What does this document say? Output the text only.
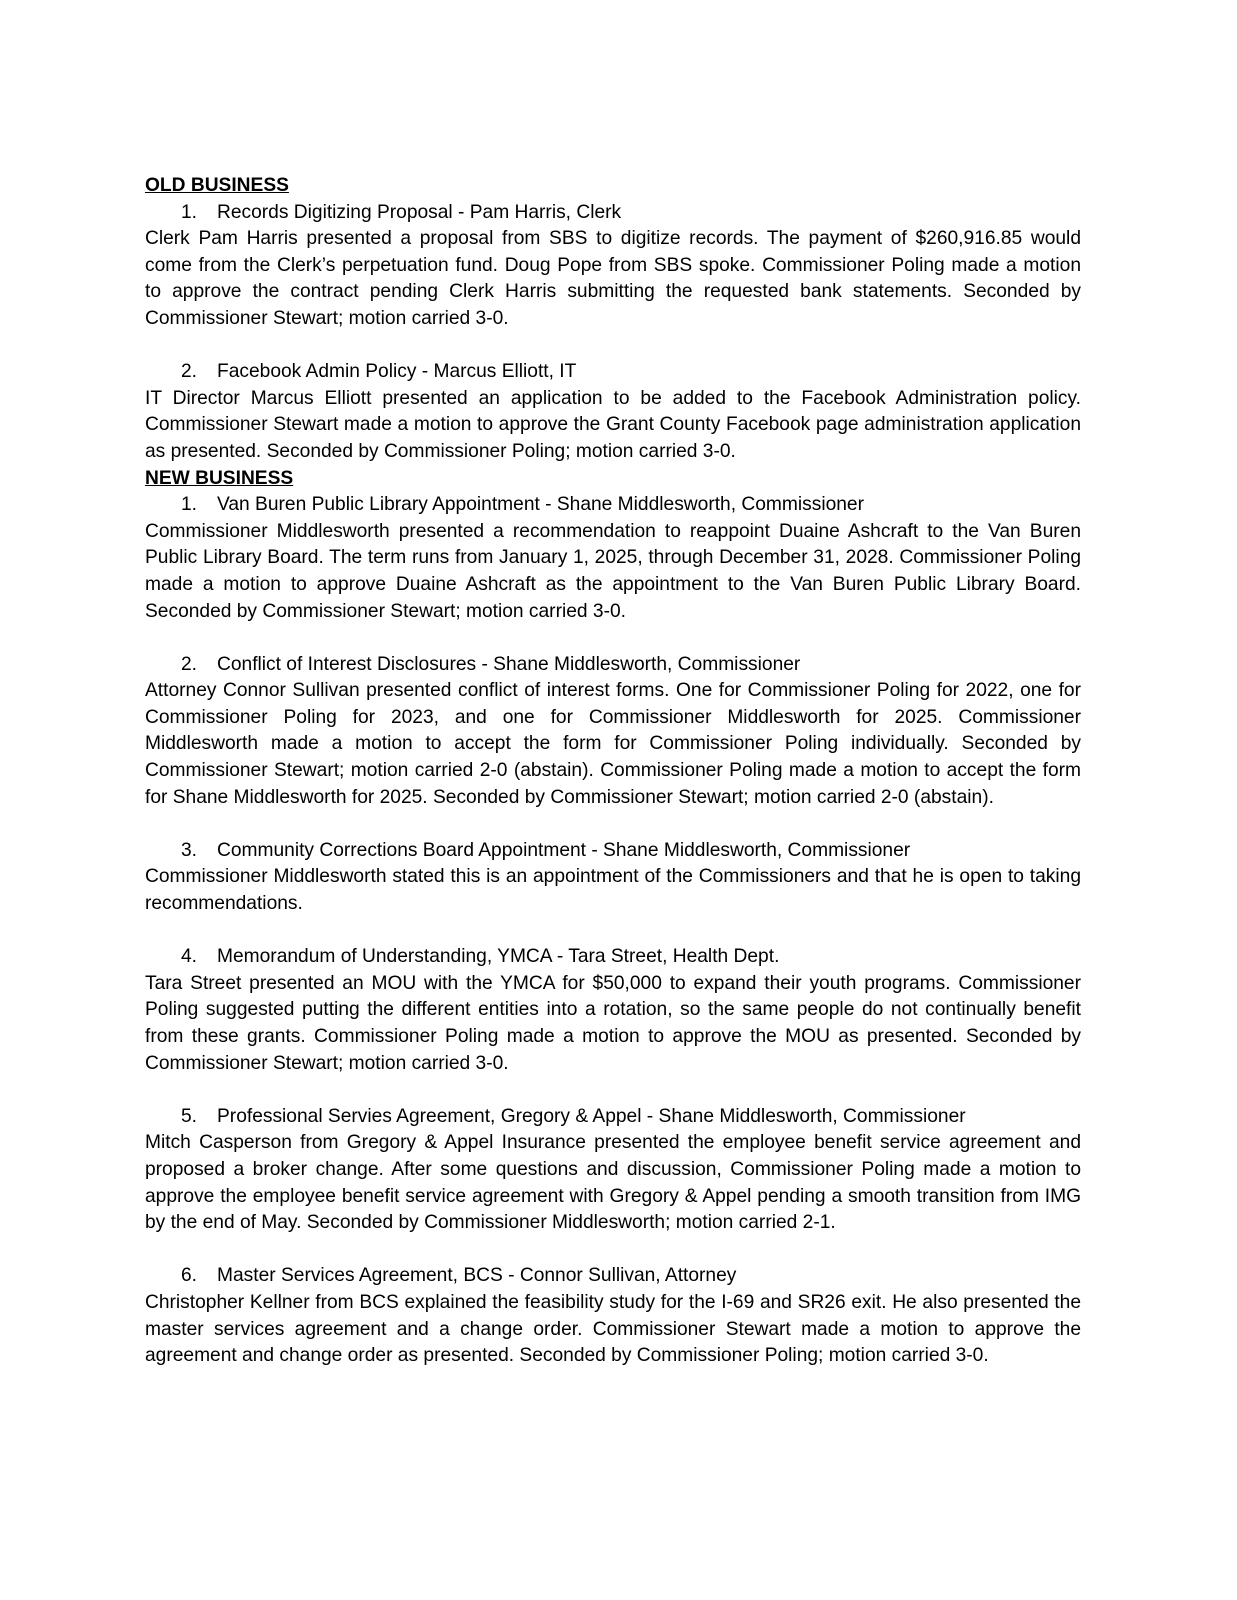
OLD BUSINESS

1. Records Digitizing Proposal - Pam Harris, Clerk

Clerk Pam Harris presented a proposal from SBS to digitize records. The payment of $260,916.85 would come from the Clerk’s perpetuation fund. Doug Pope from SBS spoke. Commissioner Poling made a motion to approve the contract pending Clerk Harris submitting the requested bank statements. Seconded by Commissioner Stewart; motion carried 3-0.

2. Facebook Admin Policy - Marcus Elliott, IT

IT Director Marcus Elliott presented an application to be added to the Facebook Administration policy. Commissioner Stewart made a motion to approve the Grant County Facebook page administration application as presented. Seconded by Commissioner Poling; motion carried 3-0.

NEW BUSINESS

1. Van Buren Public Library Appointment - Shane Middlesworth, Commissioner

Commissioner Middlesworth presented a recommendation to reappoint Duaine Ashcraft to the Van Buren Public Library Board. The term runs from January 1, 2025, through December 31, 2028. Commissioner Poling made a motion to approve Duaine Ashcraft as the appointment to the Van Buren Public Library Board. Seconded by Commissioner Stewart; motion carried 3-0.

2. Conflict of Interest Disclosures - Shane Middlesworth, Commissioner

Attorney Connor Sullivan presented conflict of interest forms. One for Commissioner Poling for 2022, one for Commissioner Poling for 2023, and one for Commissioner Middlesworth for 2025. Commissioner Middlesworth made a motion to accept the form for Commissioner Poling individually. Seconded by Commissioner Stewart; motion carried 2-0 (abstain). Commissioner Poling made a motion to accept the form for Shane Middlesworth for 2025. Seconded by Commissioner Stewart; motion carried 2-0 (abstain).

3. Community Corrections Board Appointment - Shane Middlesworth, Commissioner

Commissioner Middlesworth stated this is an appointment of the Commissioners and that he is open to taking recommendations.

4. Memorandum of Understanding, YMCA - Tara Street, Health Dept.

Tara Street presented an MOU with the YMCA for $50,000 to expand their youth programs. Commissioner Poling suggested putting the different entities into a rotation, so the same people do not continually benefit from these grants. Commissioner Poling made a motion to approve the MOU as presented. Seconded by Commissioner Stewart; motion carried 3-0.

5. Professional Servies Agreement, Gregory & Appel - Shane Middlesworth, Commissioner

Mitch Casperson from Gregory & Appel Insurance presented the employee benefit service agreement and proposed a broker change. After some questions and discussion, Commissioner Poling made a motion to approve the employee benefit service agreement with Gregory & Appel pending a smooth transition from IMG by the end of May. Seconded by Commissioner Middlesworth; motion carried 2-1.

6. Master Services Agreement, BCS - Connor Sullivan, Attorney

Christopher Kellner from BCS explained the feasibility study for the I-69 and SR26 exit. He also presented the master services agreement and a change order. Commissioner Stewart made a motion to approve the agreement and change order as presented. Seconded by Commissioner Poling; motion carried 3-0.
